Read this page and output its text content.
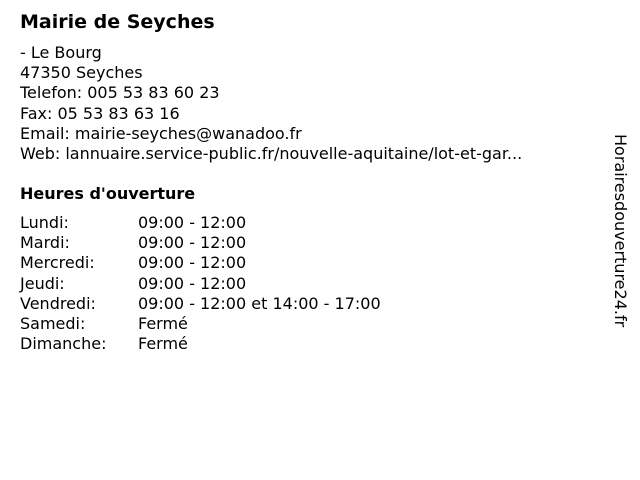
Mairie de Seyches
- Le Bourg
47350 Seyches
Telefon: 005 53 83 60 23
Fax: 05 53 83 63 16
Email: mairie-seyches@wanadoo.fr
Web: lannuaire.service-public.fr/nouvelle-aquitaine/lot-et-gar...
Heures d'ouverture
Lundi:	09:00 - 12:00
Mardi:	09:00 - 12:00
Mercredi:	09:00 - 12:00
Jeudi:	09:00 - 12:00
Vendredi:	09:00 - 12:00 et 14:00 - 17:00
Samedi:	Fermé
Dimanche: Fermé
Horairesdouverture24.fr
